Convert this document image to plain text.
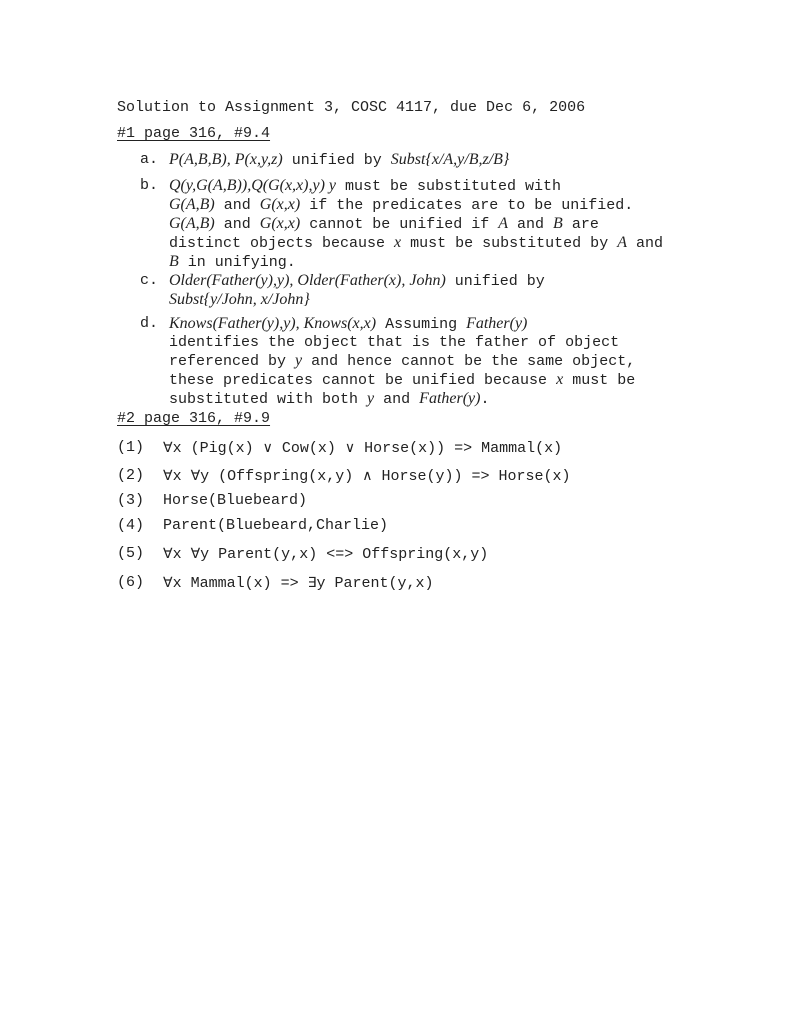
Solution to Assignment 3, COSC 4117, due Dec 6, 2006
#1 page 316, #9.4
a. P(A,B,B), P(x,y,z) unified by Subst{x/A,y/B,z/B}
b. Q(y,G(A,B)),Q(G(x,x),y) y must be substituted with
G(A,B) and G(x,x) if the predicates are to be unified.
G(A,B) and G(x,x) cannot be unified if A and B are
distinct objects because x must be substituted by A and
B in unifying.
c. Older(Father(y),y), Older(Father(x), John) unified by
Subst{y/John, x/John}
d. Knows(Father(y),y), Knows(x,x) Assuming Father(y)
identifies the object that is the father of object
referenced by y and hence cannot be the same object,
these predicates cannot be unified because x must be
substituted with both y and Father(y).
#2 page 316, #9.9
(1) ∀x (Pig(x) ∨ Cow(x) ∨ Horse(x)) => Mammal(x)
(2) ∀x ∀y (Offspring(x,y) ∧ Horse(y)) => Horse(x)
(3) Horse(Bluebeard)
(4) Parent(Bluebeard,Charlie)
(5) ∀x ∀y Parent(y,x) <=> Offspring(x,y)
(6) ∀x Mammal(x) => ∃y Parent(y,x)
